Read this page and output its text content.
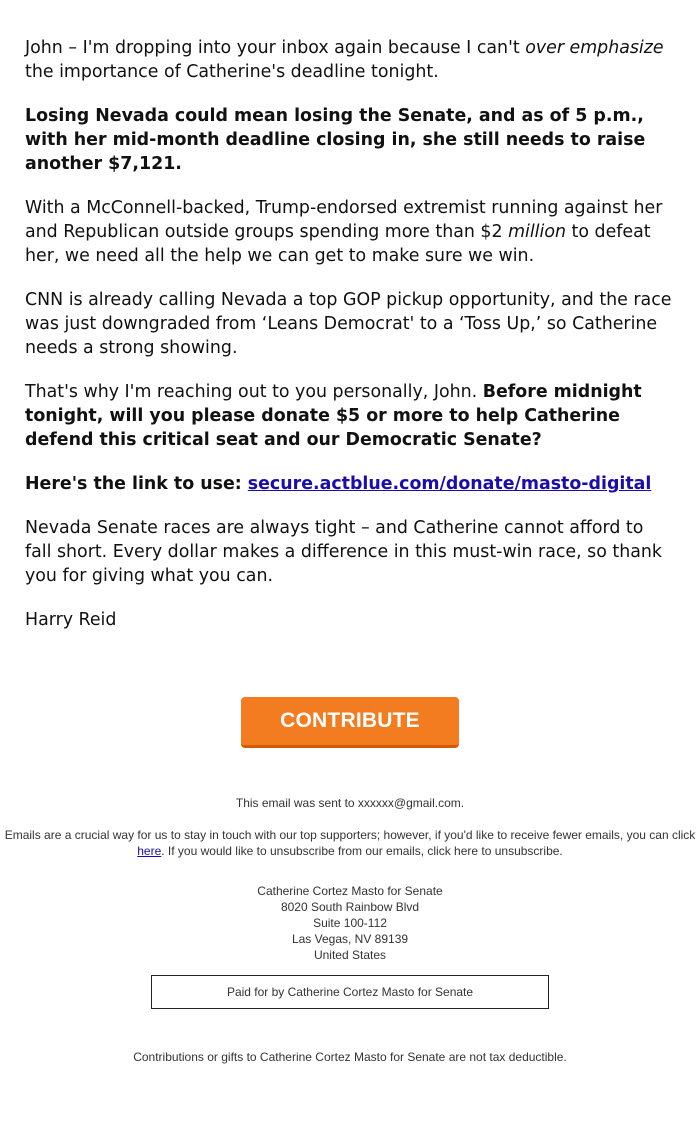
John – I'm dropping into your inbox again because I can't over emphasize the importance of Catherine's deadline tonight.

Losing Nevada could mean losing the Senate, and as of 5 p.m., with her mid-month deadline closing in, she still needs to raise another $7,121.

With a McConnell-backed, Trump-endorsed extremist running against her and Republican outside groups spending more than $2 million to defeat her, we need all the help we can get to make sure we win.

CNN is already calling Nevada a top GOP pickup opportunity, and the race was just downgraded from ‘Leans Democrat' to a ‘Toss Up,’ so Catherine needs a strong showing.

That's why I'm reaching out to you personally, John. Before midnight tonight, will you please donate $5 or more to help Catherine defend this critical seat and our Democratic Senate?

Here's the link to use: secure.actblue.com/donate/masto-digital

Nevada Senate races are always tight – and Catherine cannot afford to fall short. Every dollar makes a difference in this must-win race, so thank you for giving what you can.

Harry Reid

CONTRIBUTE
This email was sent to xxxxxx@gmail.com.
Emails are a crucial way for us to stay in touch with our top supporters; however, if you'd like to receive fewer emails, you can click here. If you would like to unsubscribe from our emails, click here to unsubscribe.
Catherine Cortez Masto for Senate
8020 South Rainbow Blvd
Suite 100-112
Las Vegas, NV 89139
United States
Paid for by Catherine Cortez Masto for Senate
Contributions or gifts to Catherine Cortez Masto for Senate are not tax deductible.
